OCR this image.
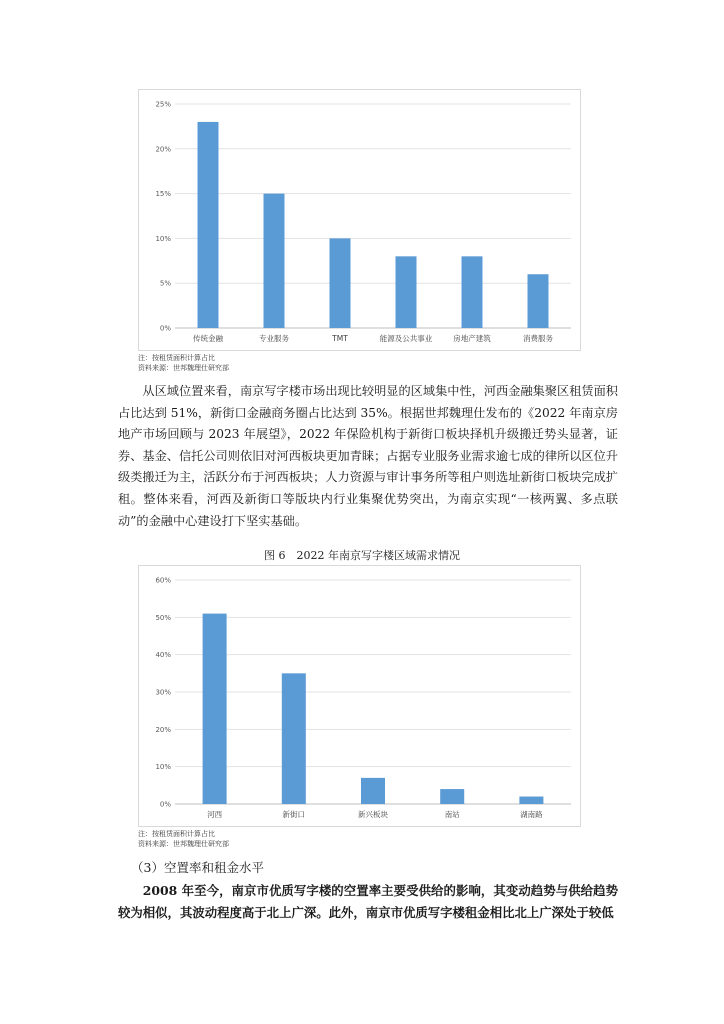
0%
5%
10%
15%
20%
25%
传统金融	专业服务	TMT	能源及公共事业	房地产建筑	消费服务
注：按租赁面积计算占比
资料来源：世邦魏理仕研究部

从区域位置来看，南京写字楼市场出现比较明显的区域集中性，河西金融集聚区租赁面积占比达到 51%，新街口金融商务圈占比达到 35%。根据世邦魏理仕发布的《2022 年南京房地产市场回顾与 2023 年展望》，2022 年保险机构于新街口板块择机升级搬迁势头显著，证券、基金、信托公司则依旧对河西板块更加青睐；占据专业服务业需求逾七成的律所以区位升级类搬迁为主，活跃分布于河西板块；人力资源与审计事务所等租户则选址新街口板块完成扩租。整体来看，河西及新街口等版块内行业集聚优势突出，为南京实现“一核两翼、多点联动”的金融中心建设打下坚实基础。

图 6　2022 年南京写字楼区域需求情况
0%
10%
20%
30%
40%
50%
60%
河西	新街口	新兴板块	南站	湖南路
注：按租赁面积计算占比
资料来源：世邦魏理仕研究部
（3）空置率和租金水平

2008 年至今，南京市优质写字楼的空置率主要受供给的影响，其变动趋势与供给趋势较为相似，其波动程度高于北上广深。此外，南京市优质写字楼租金相比北上广深处于较低
